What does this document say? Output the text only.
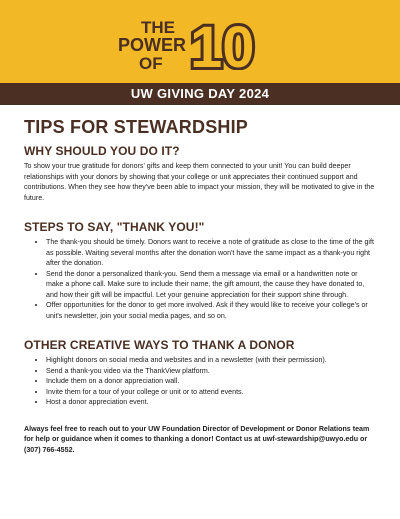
THE
POWER
OF 10
UW GIVING DAY 2024
TIPS FOR STEWARDSHIP
WHY SHOULD YOU DO IT?

To show your true gratitude for donors' gifts and keep them connected to your unit! You can build deeper relationships with your donors by showing that your college or unit appreciates their continued support and contributions. When they see how they've been able to impact your mission, they will be motivated to give in the future.

STEPS TO SAY, "THANK YOU!"
• The thank-you should be timely. Donors want to receive a note of gratitude as close to the time of the gift as possible. Waiting several months after the donation won't have the same impact as a thank-you right after the donation.
• Send the donor a personalized thank-you. Send them a message via email or a handwritten note or make a phone call. Make sure to include their name, the gift amount, the cause they have donated to, and how their gift will be impactful. Let your genuine appreciation for their support shine through.
• Offer opportunities for the donor to get more involved. Ask if they would like to receive your college's or unit's newsletter, join your social media pages, and so on.
OTHER CREATIVE WAYS TO THANK A DONOR
• Highlight donors on social media and websites and in a newsletter (with their permission).
• Send a thank-you video via the ThankView platform.
• Include them on a donor appreciation wall.
• Invite them for a tour of your college or unit or to attend events.
• Host a donor appreciation event.

Always feel free to reach out to your UW Foundation Director of Development or Donor Relations team for help or guidance when it comes to thanking a donor! Contact us at uwf-stewardship@uwyo.edu or (307) 766-4552.
